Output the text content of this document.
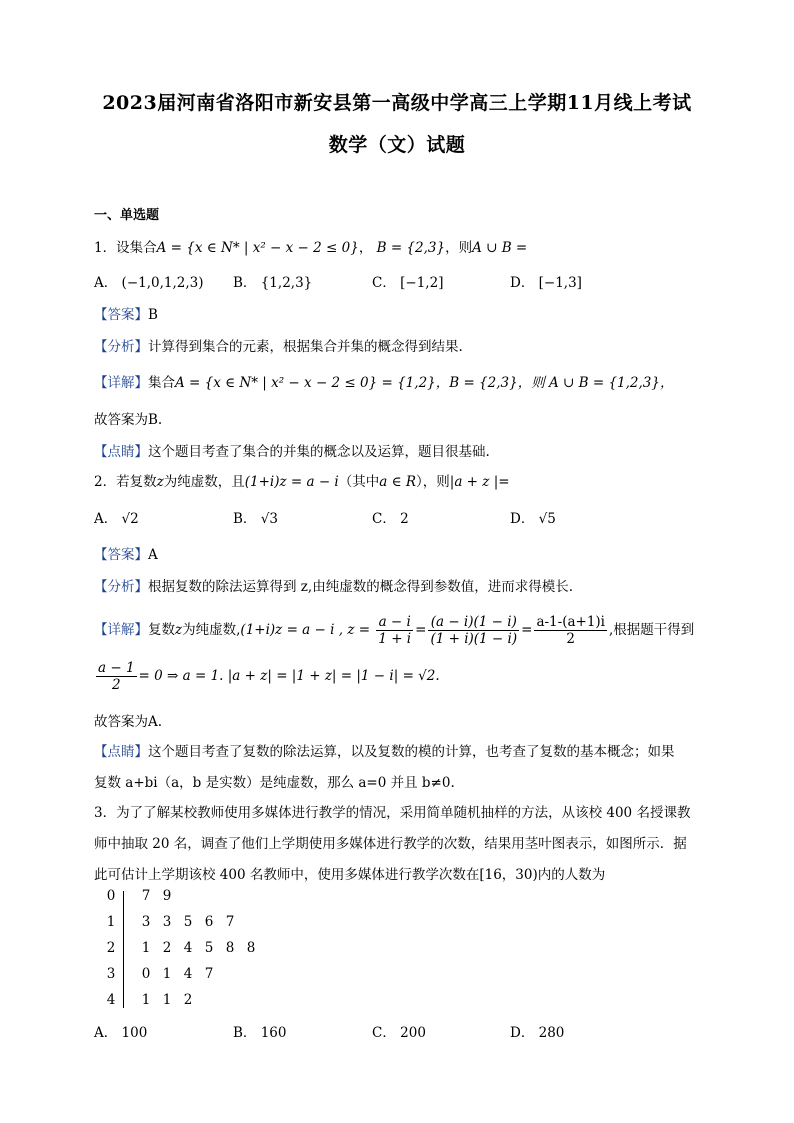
2023届河南省洛阳市新安县第一高级中学高三上学期11月线上考试
数学（文）试题
一、单选题
1．设集合A = {x ∈ N* | x² − x − 2 ≤ 0}， B = {2,3}，则A ∪ B =
A． (−1,0,1,2,3) B． {1,2,3}	C． [−1,2]	D． [−1,3]
【答案】B
【分析】计算得到集合的元素，根据集合并集的概念得到结果.
【详解】集合A = {x ∈ N* | x² − x − 2 ≤ 0} = {1,2}，B = {2,3}，则 A ∪ B = {1,2,3}，
故答案为B.
【点睛】这个题目考查了集合的并集的概念以及运算，题目很基础.
2．若复数z为纯虚数，且(1+i)z = a − i（其中a ∈ R），则|a + z |=
A． √2	B． √3	C． 2	D． √5
【答案】A
【分析】根据复数的除法运算得到 z,由纯虚数的概念得到参数值，进而求得模长.
【详解】复数z为纯虚数,(1+i)z = a − i , $z = \frac{a - i}{1 + i} = \frac{(a - i)(1 - i)}{(1 + i)(1 - i)} = \frac{a-1-(a+1)i}{2}$ ,根据题干得到
$\frac{a - 1}{2} = 0$ ⇒ a = 1. |a + z| = |1 + z| = |1 − i| = √2.
故答案为A.
【点睛】这个题目考查了复数的除法运算，以及复数的模的计算，也考查了复数的基本概念；如果
复数 a+bi（a，b 是实数）是纯虚数，那么 a=0 并且 b≠0.
3．为了了解某校教师使用多媒体进行教学的情况，采用简单随机抽样的方法，从该校 400 名授课教
师中抽取 20 名，调查了他们上学期使用多媒体进行教学的次数，结果用茎叶图表示，如图所示．据
此可估计上学期该校 400 名教师中，使用多媒体进行教学次数在[16，30)内的人数为
0	7 9
1	3 3 5 6 7
2	1 2 4 5 8 8
3	0 1 4 7
4	1 1 2
A． 100	B． 160	C． 200	D． 280
